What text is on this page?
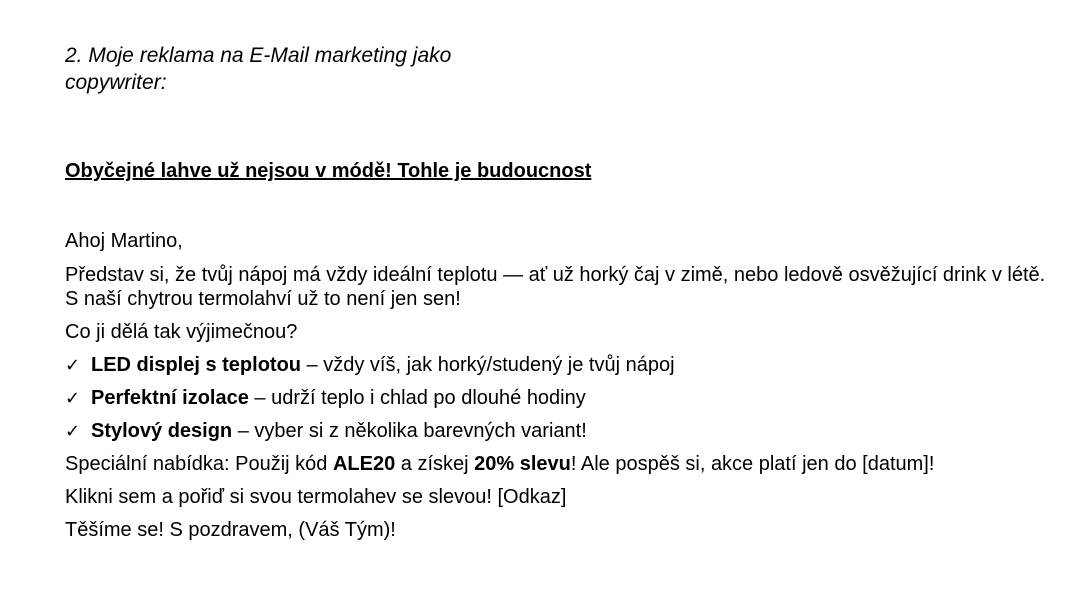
2. Moje reklama na E-Mail marketing jako copywriter:

Obyčejné lahve už nejsou v módě! Tohle je budoucnost

Ahoj Martino,

Představ si, že tvůj nápoj má vždy ideální teplotu — ať už horký čaj v zimě, nebo ledově osvěžující drink v létě. S naší chytrou termolahví už to není jen sen!

Co ji dělá tak výjimečnou?

✓ LED displej s teplotou – vždy víš, jak horký/studený je tvůj nápoj

✓ Perfektní izolace – udrží teplo i chlad po dlouhé hodiny

✓ Stylový design – vyber si z několika barevných variant!

Speciální nabídka: Použij kód ALE20 a získej 20% slevu! Ale pospěš si, akce platí jen do [datum]!

Klikni sem a pořiď si svou termolahev se slevou! [Odkaz]

Těšíme se! S pozdravem, (Váš Tým)!
